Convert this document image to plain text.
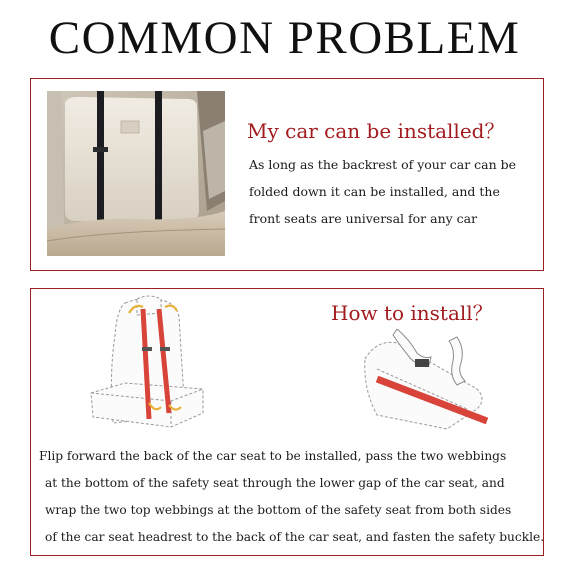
COMMON PROBLEM
My car can be installed？
As long as the backrest of your car can be
folded down it can be installed, and the
front seats are universal for any car
How to install？
Flip forward the back of the car seat to be installed, pass the two webbings
at the bottom of the safety seat through the lower gap of the car seat, and
wrap the two top webbings at the bottom of the safety seat from both sides
of the car seat headrest to the back of the car seat, and fasten the safety buckle.
